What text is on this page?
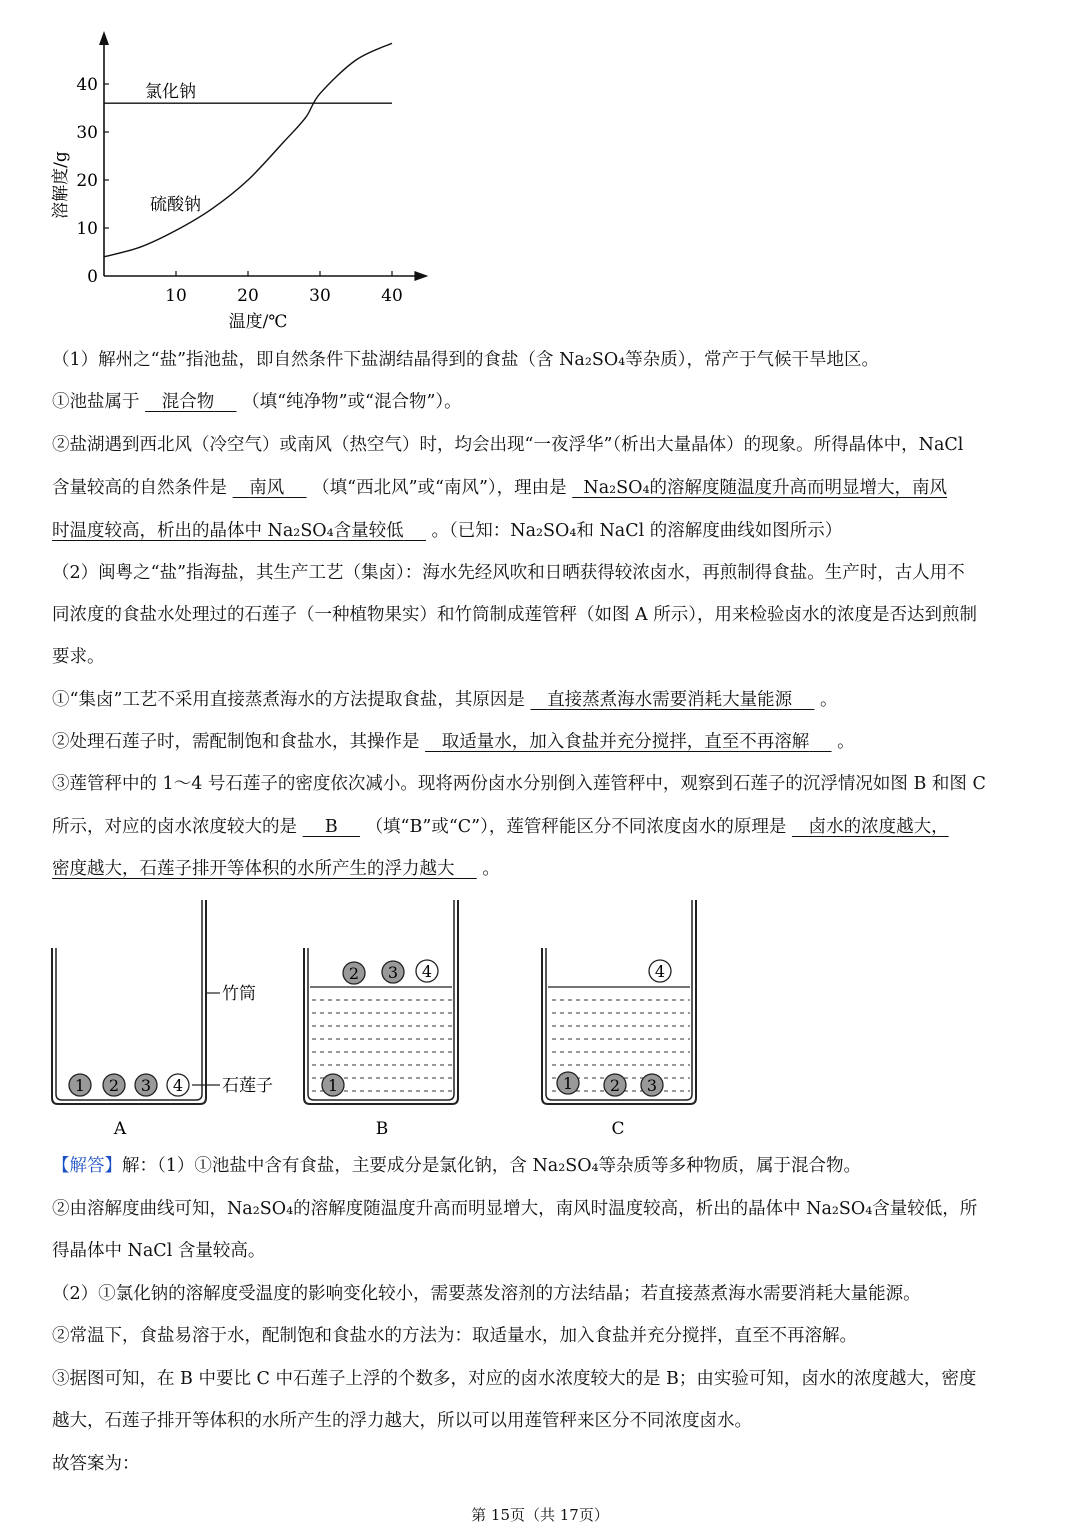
10	20	30	40
0
10
20
30
40
溶解度/g
温度/℃
氯化钠
硫酸钠
（1）解州之“盐”指池盐，即自然条件下盐湖结晶得到的食盐（含 Na₂SO₄等杂质），常产于气候干旱地区。
①池盐属于 混合物 （填“纯净物”或“混合物”）。
②盐湖遇到西北风（冷空气）或南风（热空气）时，均会出现“一夜浮华”（析出大量晶体）的现象。所得晶体中，NaCl
含量较高的自然条件是 南风 （填“西北风”或“南风”），理由是 Na₂SO₄的溶解度随温度升高而明显增大，南风
时温度较高，析出的晶体中 Na₂SO₄含量较低 。（已知：Na₂SO₄和 NaCl 的溶解度曲线如图所示）
（2）闽粤之“盐”指海盐，其生产工艺（集卤）：海水先经风吹和日晒获得较浓卤水，再煎制得食盐。生产时，古人用不
同浓度的食盐水处理过的石莲子（一种植物果实）和竹筒制成莲管秤（如图 A 所示），用来检验卤水的浓度是否达到煎制
要求。
①“集卤”工艺不采用直接蒸煮海水的方法提取食盐，其原因是 直接蒸煮海水需要消耗大量能源 。
②处理石莲子时，需配制饱和食盐水，其操作是 取适量水，加入食盐并充分搅拌，直至不再溶解 。
③莲管秤中的 1～4 号石莲子的密度依次减小。现将两份卤水分别倒入莲管秤中，观察到石莲子的沉浮情况如图 B 和图 C
所示，对应的卤水浓度较大的是 B （填“B”或“C”），莲管秤能区分不同浓度卤水的原理是 卤水的浓度越大，
密度越大，石莲子排开等体积的水所产生的浮力越大 。
1 2 3 4
竹筒
石莲子
A
1
2 3 4
B
1 2 3
4
C
【解答】解：（1）①池盐中含有食盐，主要成分是氯化钠，含 Na₂SO₄等杂质等多种物质，属于混合物。
②由溶解度曲线可知，Na₂SO₄的溶解度随温度升高而明显增大，南风时温度较高，析出的晶体中 Na₂SO₄含量较低，所
得晶体中 NaCl 含量较高。
（2）①氯化钠的溶解度受温度的影响变化较小，需要蒸发溶剂的方法结晶；若直接蒸煮海水需要消耗大量能源。
②常温下，食盐易溶于水，配制饱和食盐水的方法为：取适量水，加入食盐并充分搅拌，直至不再溶解。
③据图可知，在 B 中要比 C 中石莲子上浮的个数多，对应的卤水浓度较大的是 B；由实验可知，卤水的浓度越大，密度
越大，石莲子排开等体积的水所产生的浮力越大，所以可以用莲管秤来区分不同浓度卤水。
故答案为：
第 15页（共 17页）
